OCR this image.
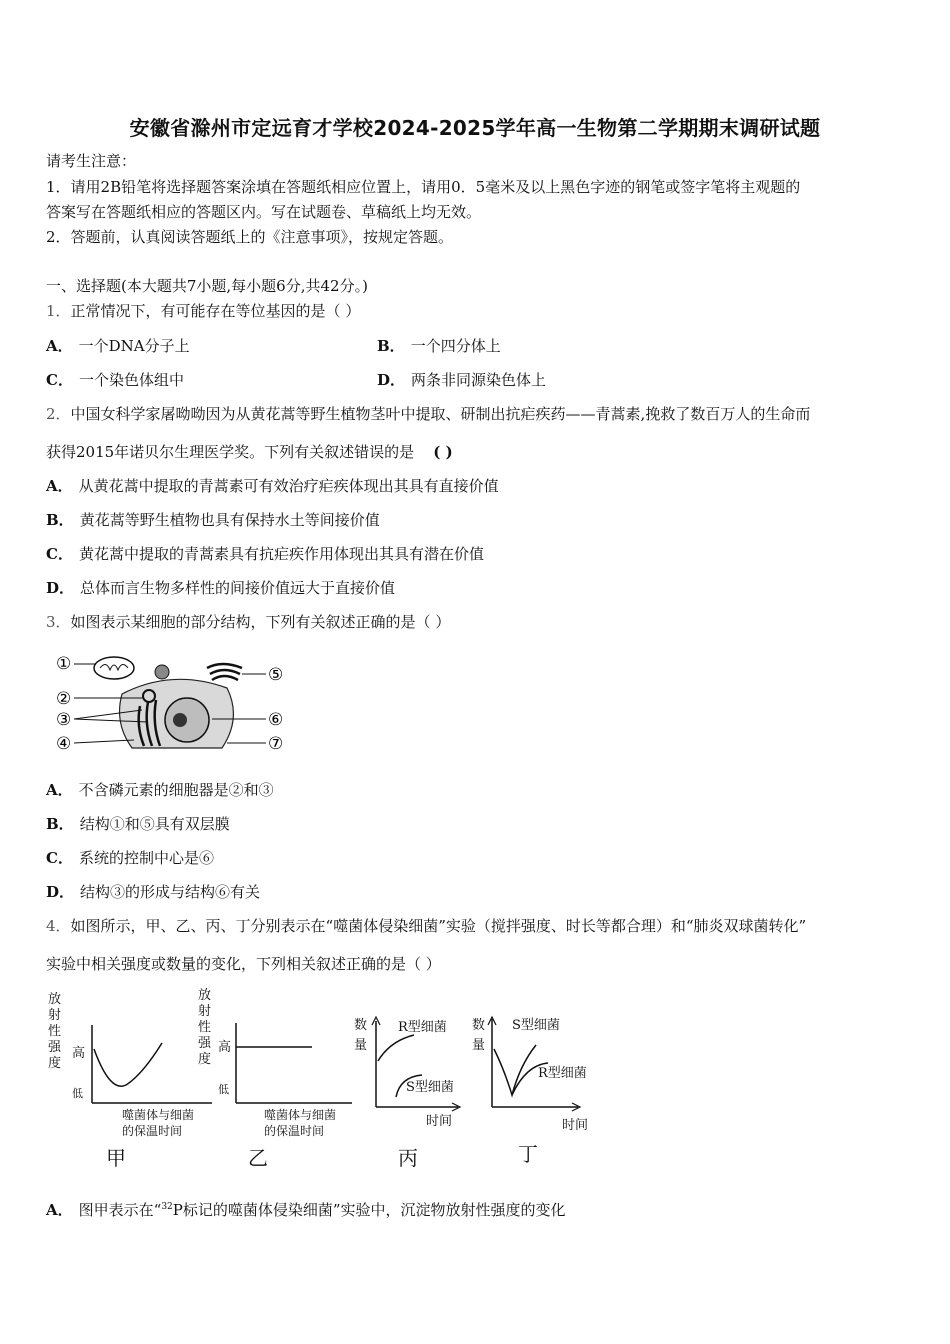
安徽省滁州市定远育才学校2024-2025学年高一生物第二学期期末调研试题
请考生注意：
1．请用2B铅笔将选择题答案涂填在答题纸相应位置上，请用0．5毫米及以上黑色字迹的钢笔或签字笔将主观题的
答案写在答题纸相应的答题区内。写在试题卷、草稿纸上均无效。
2．答题前，认真阅读答题纸上的《注意事项》，按规定答题。
一、选择题(本大题共7小题,每小题6分,共42分。)
1．正常情况下，有可能存在等位基因的是（ ）
A． 一个DNA分子上	B． 一个四分体上
C． 一个染色体组中	D． 两条非同源染色体上
2．中国女科学家屠呦呦因为从黄花蒿等野生植物茎叶中提取、研制出抗疟疾药——青蒿素,挽救了数百万人的生命而
获得2015年诺贝尔生理医学奖。下列有关叙述错误的是 ( )
A． 从黄花蒿中提取的青蒿素可有效治疗疟疾体现出其具有直接价值
B． 黄花蒿等野生植物也具有保持水土等间接价值
C． 黄花蒿中提取的青蒿素具有抗疟疾作用体现出其具有潜在价值
D． 总体而言生物多样性的间接价值远大于直接价值
3．如图表示某细胞的部分结构，下列有关叙述正确的是（ ）
①
②
③
④
⑤
⑥
⑦
A． 不含磷元素的细胞器是②和③
B． 结构①和⑤具有双层膜
C． 系统的控制中心是⑥
D． 结构③的形成与结构⑥有关
4．如图所示，甲、乙、丙、丁分别表示在“噬菌体侵染细菌”实验（搅拌强度、时长等都合理）和“肺炎双球菌转化”
实验中相关强度或数量的变化，下列相关叙述正确的是（ ）
放
射
性
强
度
高
低
噬菌体与细菌
的保温时间
甲
放
射
性
强
度
高
低
噬菌体与细菌
的保温时间
乙
数
量
R型细菌
S型细菌
时间
丙
数
量
S型细菌
R型细菌
时间
丁
A． 图甲表示在“$^{32}$P标记的噬菌体侵染细菌”实验中，沉淀物放射性强度的变化
